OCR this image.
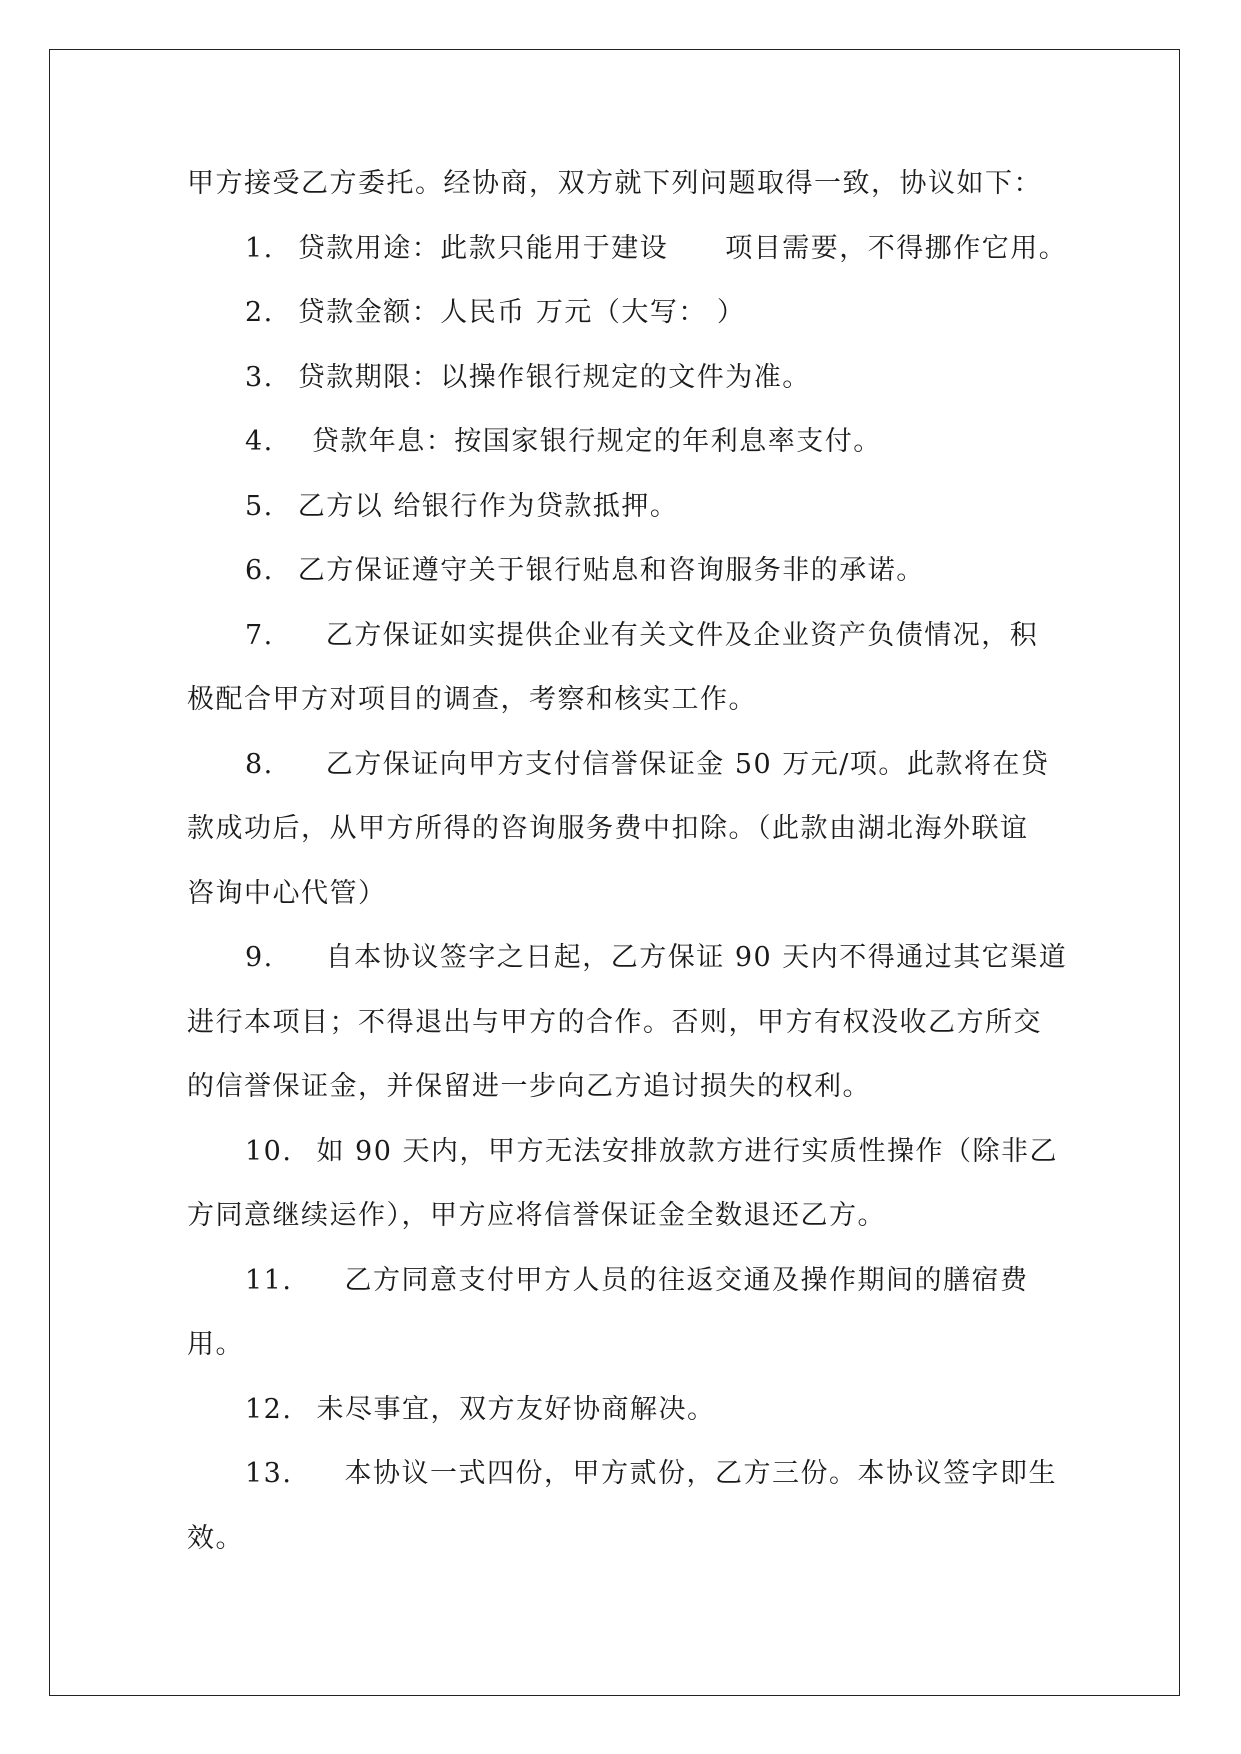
甲方接受乙方委托。经协商，双方就下列问题取得一致，协议如下：
1. 贷款用途：此款只能用于建设　　项目需要，不得挪作它用。
2. 贷款金额：人民币 万元（大写： ）
3. 贷款期限：以操作银行规定的文件为准。
4. 贷款年息：按国家银行规定的年利息率支付。
5. 乙方以 给银行作为贷款抵押。
6. 乙方保证遵守关于银行贴息和咨询服务非的承诺。
7. 乙方保证如实提供企业有关文件及企业资产负债情况，积
极配合甲方对项目的调查，考察和核实工作。
8. 乙方保证向甲方支付信誉保证金 50 万元/项。此款将在贷
款成功后，从甲方所得的咨询服务费中扣除。（此款由湖北海外联谊
咨询中心代管）
9. 自本协议签字之日起，乙方保证 90 天内不得通过其它渠道
进行本项目；不得退出与甲方的合作。否则，甲方有权没收乙方所交
的信誉保证金，并保留进一步向乙方追讨损失的权利。
10. 如 90 天内，甲方无法安排放款方进行实质性操作（除非乙
方同意继续运作），甲方应将信誉保证金全数退还乙方。
11. 乙方同意支付甲方人员的往返交通及操作期间的膳宿费
用。
12. 未尽事宜，双方友好协商解决。
13. 本协议一式四份，甲方贰份，乙方三份。本协议签字即生
效。
